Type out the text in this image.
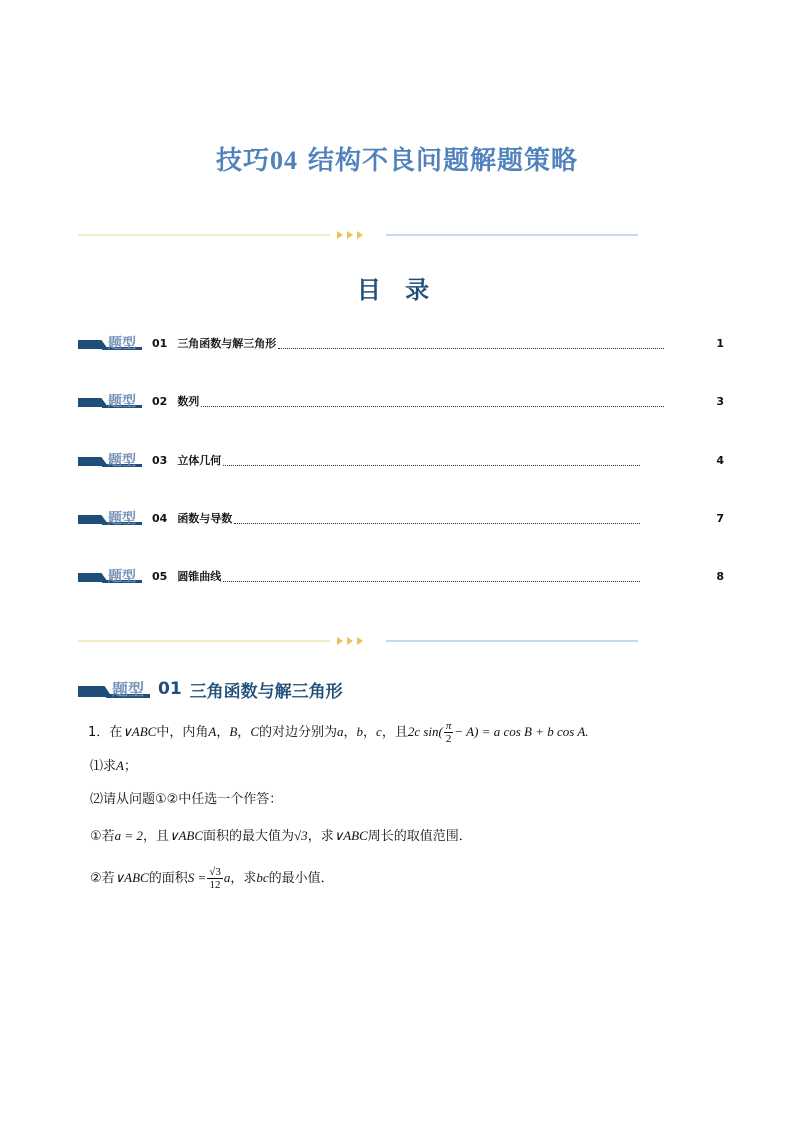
技巧04 结构不良问题解题策略
目 录
题型 01 三角函数与解三角形	1
题型 02 数列	3
题型 03 立体几何	4
题型 04 函数与导数	7
题型 05 圆锥曲线	8
题型 01 三角函数与解三角形
1．在∨ABC中，内角A，B，C的对边分别为a，b，c，且2c $\sin( \frac{\pi}{2} - A) = a$ cos B + b cos A.
⑴求A；
⑵请从问题①②中任选一个作答：
①若a = 2，且∨ABC面积的最大值为√3，求∨ABC周长的取值范围．
②若∨ABC的面积$S = \frac{√3}{12}$ a，求bc的最小值．
